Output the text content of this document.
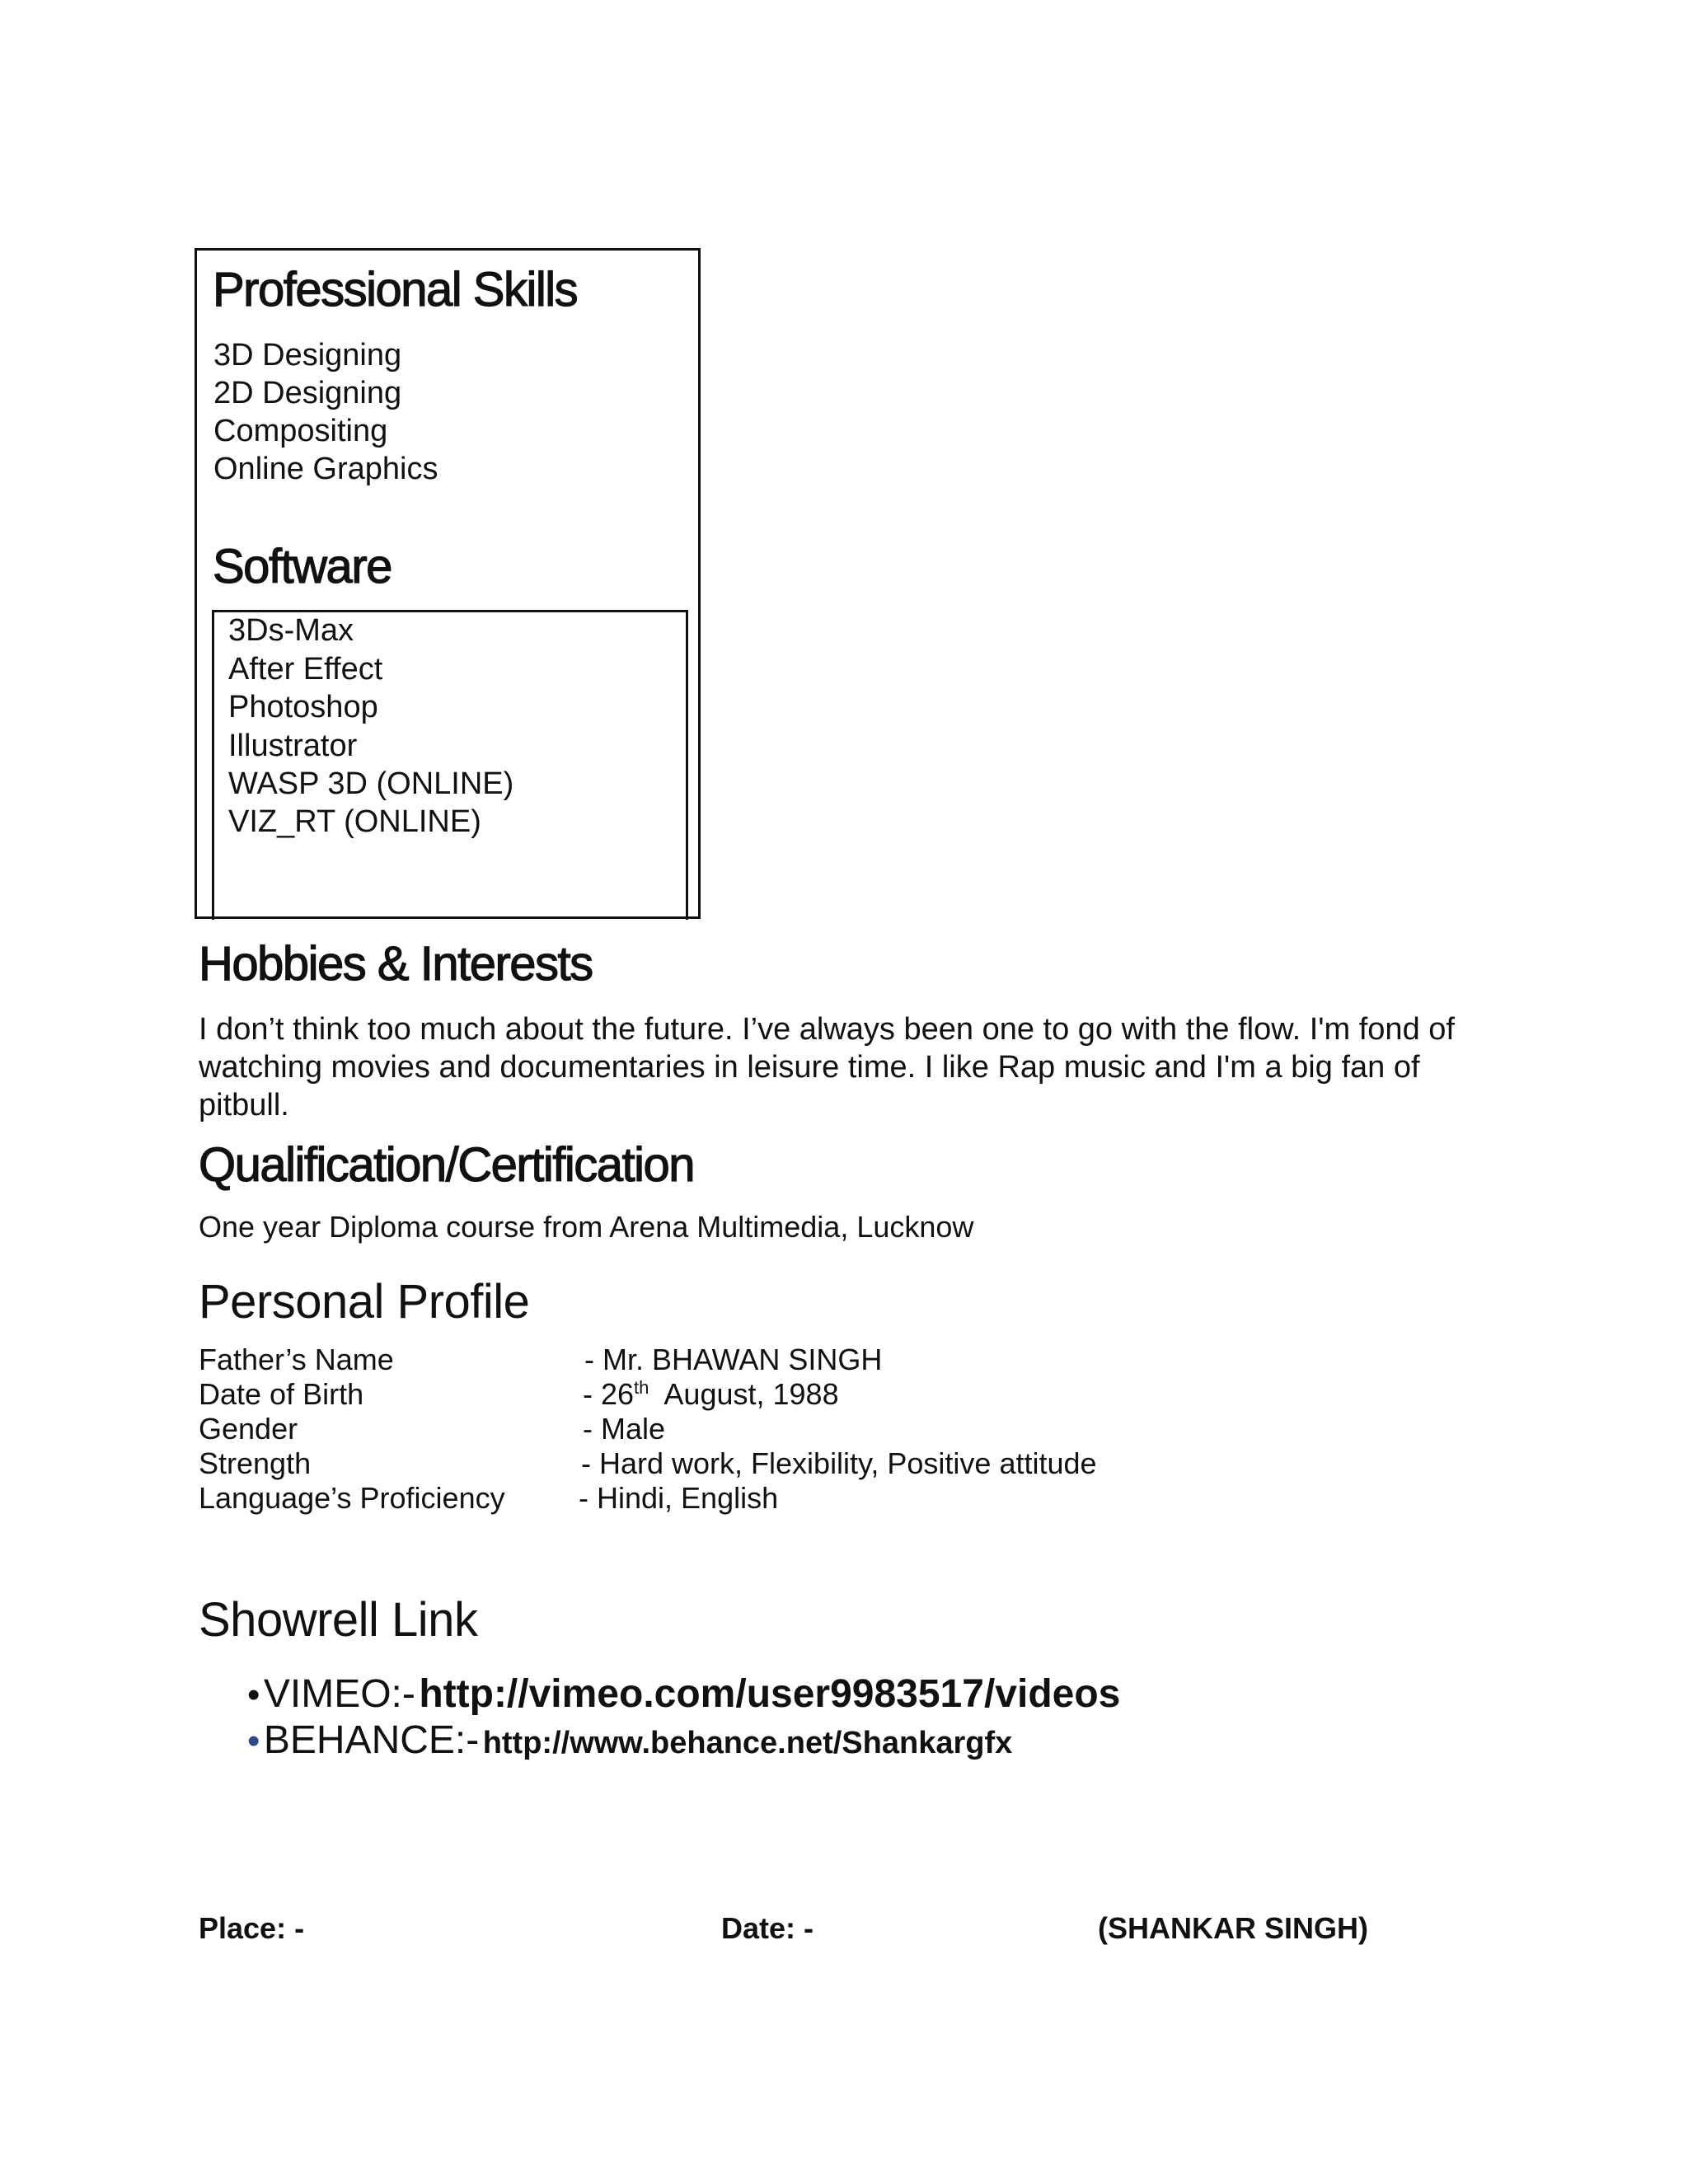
Professional Skills
3D Designing
2D Designing
Compositing
Online Graphics
Software
3Ds-Max
After Effect
Photoshop
Illustrator
WASP 3D (ONLINE)
VIZ_RT (ONLINE)
Hobbies & Interests
I don’t think too much about the future. I’ve always been one to go with the flow. I'm fond of watching movies and documentaries in leisure time. I like Rap music and I'm a big fan of pitbull.
Qualification/Certification
One year Diploma course from Arena Multimedia, Lucknow
Personal Profile
Father’s Name	- Mr. BHAWAN SINGH
Date of Birth	- 26th  August, 1988
Gender	- Male
Strength	- Hard work, Flexibility, Positive attitude
Language’s Proficiency - Hindi, English
Showrell Link
• VIMEO:- http://vimeo.com/user9983517/videos
• BEHANCE:- http://www.behance.net/Shankargfx
Place: -	Date: -	(SHANKAR SINGH)
